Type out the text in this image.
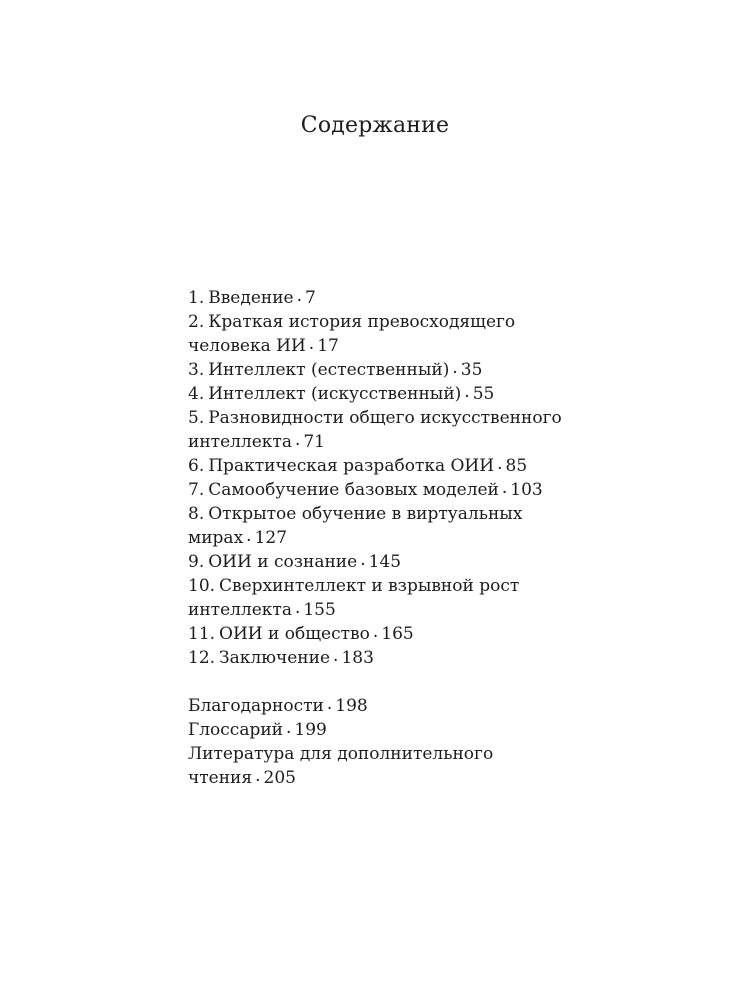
Содержание
1. Введение · 7
2. Краткая история превосходящего
человека ИИ · 17
3. Интеллект (естественный) · 35
4. Интеллект (искусственный) · 55
5. Разновидности общего искусственного
интеллекта · 71
6. Практическая разработка ОИИ · 85
7. Самообучение базовых моделей · 103
8. Открытое обучение в виртуальных мирах · 127
9. ОИИ и сознание · 145
10. Сверхинтеллект и взрывной рост
интеллекта · 155
11. ОИИ и общество · 165
12. Заключение · 183
Благодарности · 198
Глоссарий · 199
Литература для дополнительного
чтения · 205
